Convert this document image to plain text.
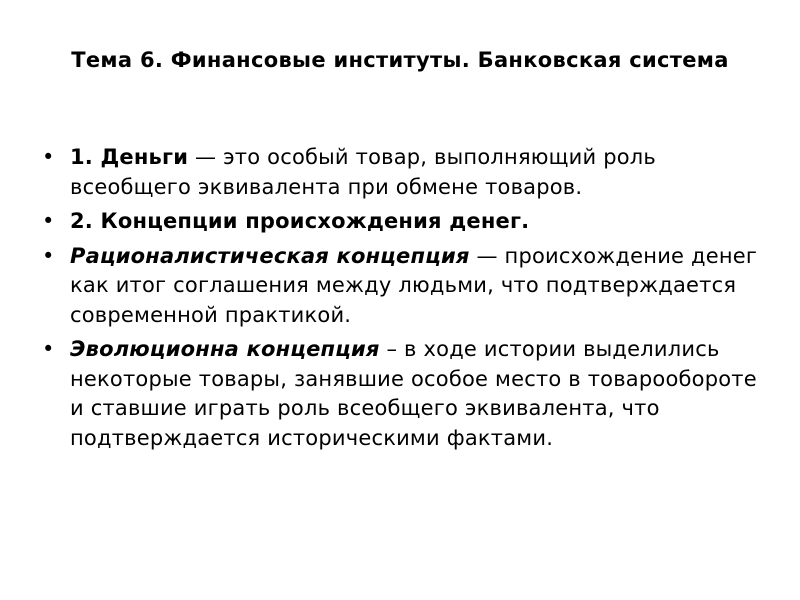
Тема 6. Финансовые институты. Банковская система
• 1. Деньги — это особый товар, выполняющий роль всеобщего эквивалента при обмене товаров.
• 2. Концепции происхождения денег.
• Рационалистическая концепция — происхождение денег как итог соглашения между людьми, что подтверждается современной практикой.
• Эволюционна концепция – в ходе истории выделились некоторые товары, занявшие особое место в товарообороте и ставшие играть роль всеобщего эквивалента, что подтверждается историческими фактами.
